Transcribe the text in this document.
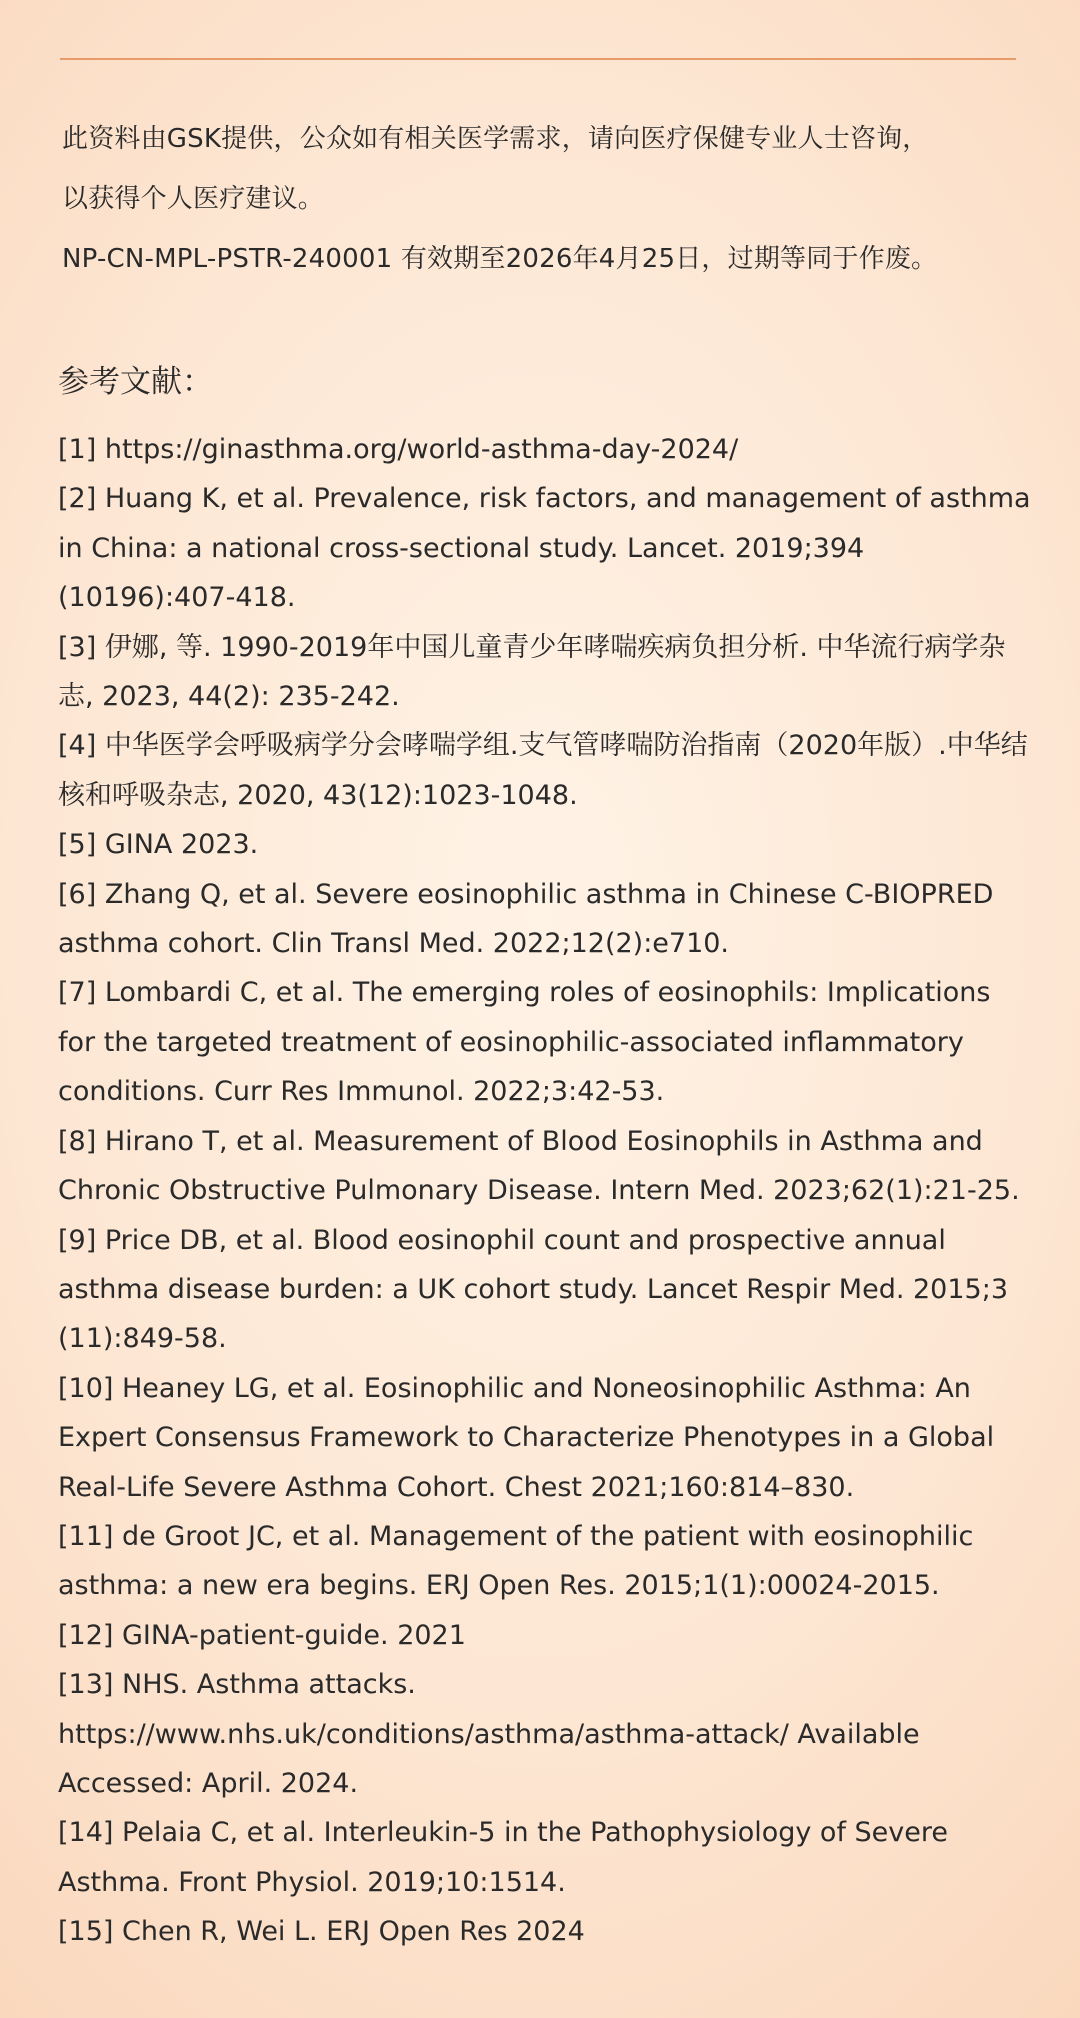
此资料由GSK提供，公众如有相关医学需求，请向医疗保健专业人士咨询，

以获得个人医疗建议。

NP-CN-MPL-PSTR-240001 有效期至2026年4月25日，过期等同于作废。

参考文献：
[1] https://ginasthma.org/world-asthma-day-2024/
[2] Huang K, et al. Prevalence, risk factors, and management of asthma in China: a national cross-sectional study. Lancet. 2019;394 (10196):407-418.
[3] 伊娜, 等. 1990-2019年中国儿童青少年哮喘疾病负担分析. 中华流行病学杂志, 2023, 44(2): 235-242.
[4] 中华医学会呼吸病学分会哮喘学组.支气管哮喘防治指南（2020年版）.中华结核和呼吸杂志, 2020, 43(12):1023-1048.
[5] GINA 2023.
[6] Zhang Q, et al. Severe eosinophilic asthma in Chinese C-BIOPRED asthma cohort. Clin Transl Med. 2022;12(2):e710.
[7] Lombardi C, et al. The emerging roles of eosinophils: Implications for the targeted treatment of eosinophilic-associated inflammatory conditions. Curr Res Immunol. 2022;3:42-53.
[8] Hirano T, et al. Measurement of Blood Eosinophils in Asthma and Chronic Obstructive Pulmonary Disease. Intern Med. 2023;62(1):21-25.
[9] Price DB, et al. Blood eosinophil count and prospective annual asthma disease burden: a UK cohort study. Lancet Respir Med. 2015;3 (11):849-58.
[10] Heaney LG, et al. Eosinophilic and Noneosinophilic Asthma: An Expert Consensus Framework to Characterize Phenotypes in a Global Real-Life Severe Asthma Cohort. Chest 2021;160:814–830.
[11] de Groot JC, et al. Management of the patient with eosinophilic asthma: a new era begins. ERJ Open Res. 2015;1(1):00024-2015.
[12] GINA-patient-guide. 2021
[13] NHS. Asthma attacks. https://www.nhs.uk/conditions/asthma/asthma-attack/ Available Accessed: April. 2024.
[14] Pelaia C, et al. Interleukin-5 in the Pathophysiology of Severe Asthma. Front Physiol. 2019;10:1514.
[15] Chen R, Wei L. ERJ Open Res 2024
